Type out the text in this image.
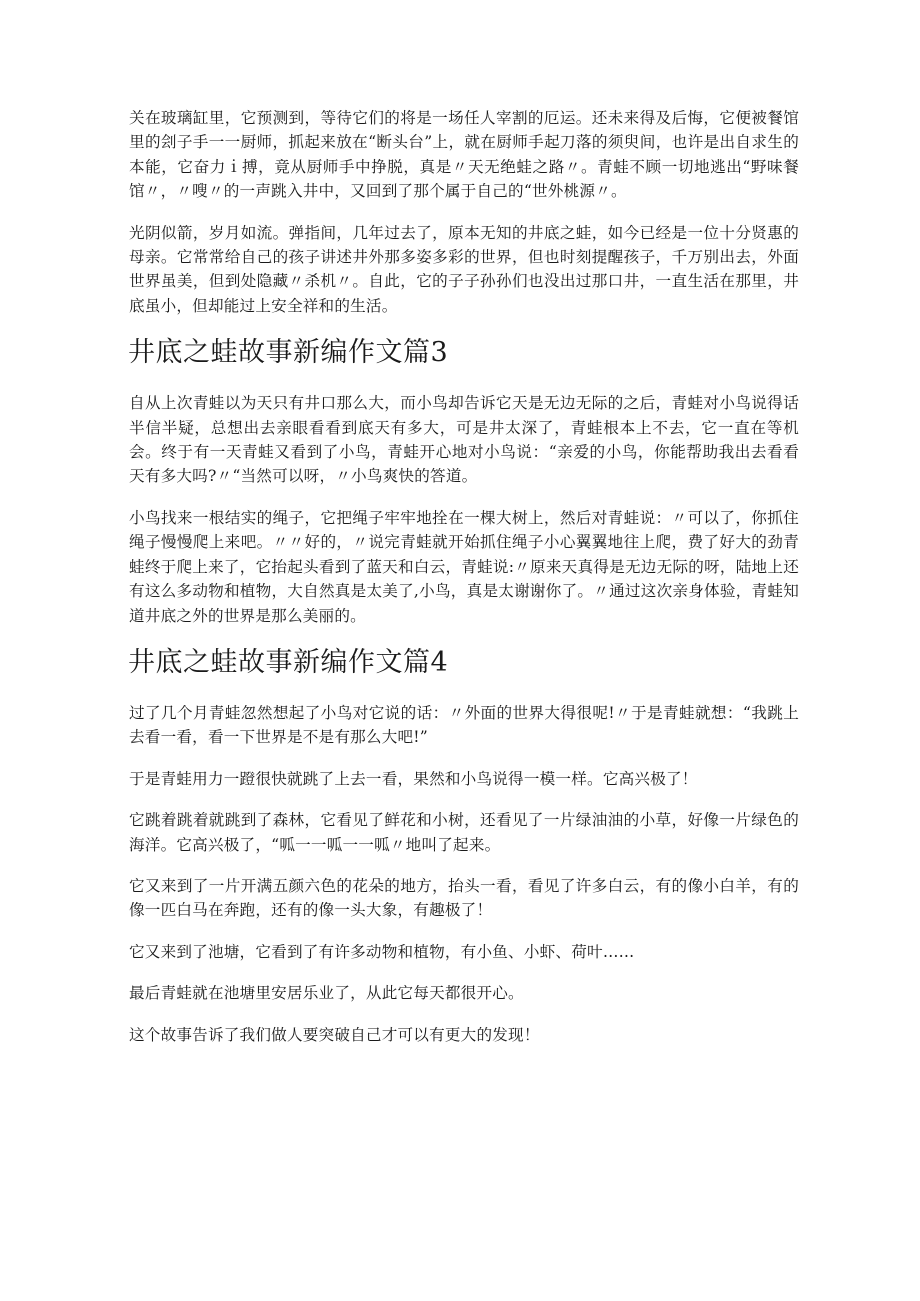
关在玻璃缸里，它预测到，等待它们的将是一场任人宰割的厄运。还未来得及后悔，它便被餐馆里的刽子手一一厨师，抓起来放在“断头台”上，就在厨师手起刀落的须臾间，也许是出自求生的本能，它奋力ｉ搏，竟从厨师手中挣脱，真是〃天无绝蛙之路〃。青蛙不顾一切地逃出“野味餐馆〃，〃嗖〃的一声跳入井中，又回到了那个属于自己的“世外桃源〃。

光阴似箭，岁月如流。弹指间，几年过去了，原本无知的井底之蛙，如今已经是一位十分贤惠的母亲。它常常给自己的孩子讲述井外那多姿多彩的世界，但也时刻提醒孩子，千万别出去，外面世界虽美，但到处隐藏〃杀机〃。自此，它的子子孙孙们也没出过那口井，一直生活在那里，井底虽小，但却能过上安全祥和的生活。

井底之蛙故事新编作文篇3

自从上次青蛙以为天只有井口那么大，而小鸟却告诉它天是无边无际的之后，青蛙对小鸟说得话半信半疑，总想出去亲眼看看到底天有多大，可是井太深了，青蛙根本上不去，它一直在等机会。终于有一天青蛙又看到了小鸟，青蛙开心地对小鸟说：“亲爱的小鸟，你能帮助我出去看看天有多大吗?〃“当然可以呀，〃小鸟爽快的答道。

小鸟找来一根结实的绳子，它把绳子牢牢地拴在一棵大树上，然后对青蛙说：〃可以了，你抓住绳子慢慢爬上来吧。〃〃好的，〃说完青蛙就开始抓住绳子小心翼翼地往上爬，费了好大的劲青蛙终于爬上来了，它抬起头看到了蓝天和白云，青蛙说:〃原来天真得是无边无际的呀，陆地上还有这么多动物和植物，大自然真是太美了,小鸟，真是太谢谢你了。〃通过这次亲身体验，青蛙知道井底之外的世界是那么美丽的。

井底之蛙故事新编作文篇4

过了几个月青蛙忽然想起了小鸟对它说的话：〃外面的世界大得很呢!〃于是青蛙就想：“我跳上去看一看，看一下世界是不是有那么大吧!”

于是青蛙用力一蹬很快就跳了上去一看，果然和小鸟说得一模一样。它高兴极了！

它跳着跳着就跳到了森林，它看见了鲜花和小树，还看见了一片绿油油的小草，好像一片绿色的海洋。它高兴极了，“呱一一呱一一呱〃地叫了起来。

它又来到了一片开满五颜六色的花朵的地方，抬头一看，看见了许多白云，有的像小白羊，有的像一匹白马在奔跑，还有的像一头大象，有趣极了！

它又来到了池塘，它看到了有许多动物和植物，有小鱼、小虾、荷叶……

最后青蛙就在池塘里安居乐业了，从此它每天都很开心。

这个故事告诉了我们做人要突破自己才可以有更大的发现！
